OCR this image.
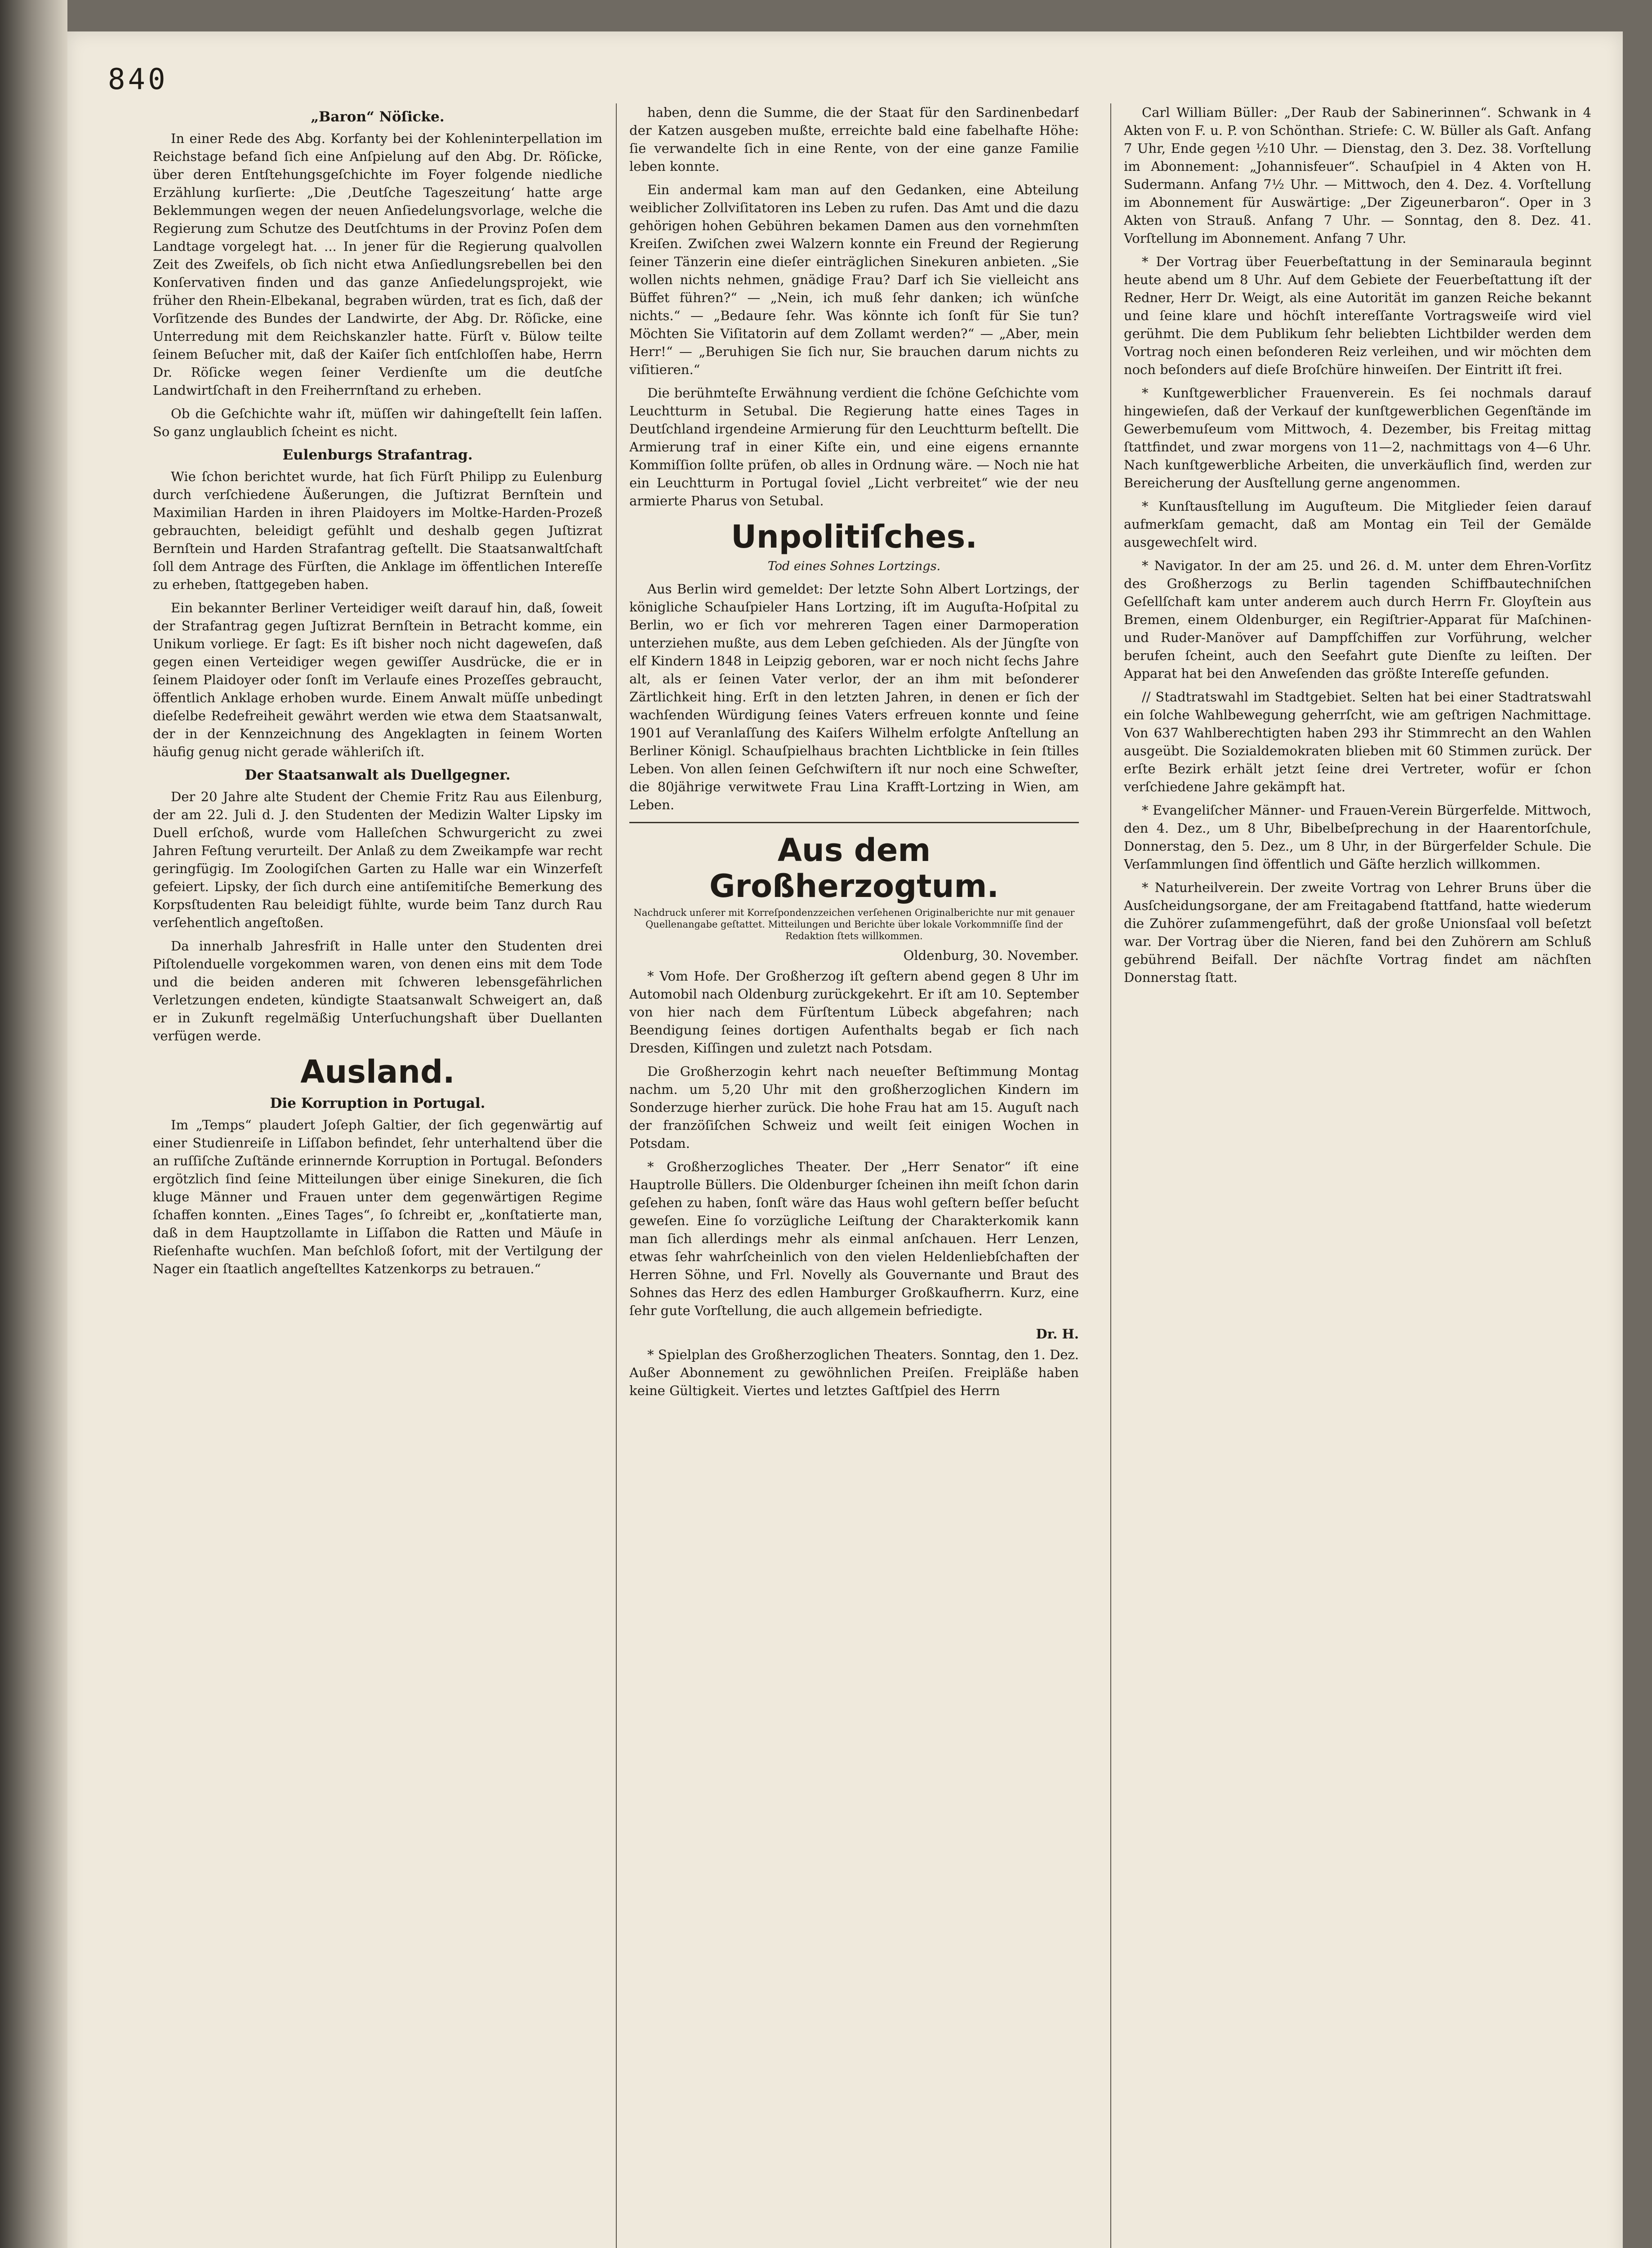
840
„Baron“ Nöſicke.

In einer Rede des Abg. Korfanty bei der Kohleninterpellation im Reichstage befand ſich eine Anſpielung auf den Abg. Dr. Röſicke, über deren Entſtehungsgeſchichte im Foyer folgende niedliche Erzählung kurſierte: „Die ‚Deutſche Tageszeitung‘ hatte arge Beklemmungen wegen der neuen Anſiedelungsvorlage, welche die Regierung zum Schutze des Deutſchtums in der Provinz Poſen dem Landtage vorgelegt hat. ... In jener für die Regierung qualvollen Zeit des Zweifels, ob ſich nicht etwa Anſiedlungsrebellen bei den Konſervativen finden und das ganze Anſiedelungsprojekt, wie früher den Rhein-Elbekanal, begraben würden, trat es ſich, daß der Vorſitzende des Bundes der Landwirte, der Abg. Dr. Röſicke, eine Unterredung mit dem Reichskanzler hatte. Fürſt v. Bülow teilte ſeinem Beſucher mit, daß der Kaiſer ſich entſchloſſen habe, Herrn Dr. Röſicke wegen ſeiner Verdienſte um die deutſche Landwirtſchaft in den Freiherrnſtand zu erheben.

Ob die Geſchichte wahr iſt, müſſen wir dahingeſtellt ſein laſſen. So ganz unglaublich ſcheint es nicht.

Eulenburgs Strafantrag.

Wie ſchon berichtet wurde, hat ſich Fürſt Philipp zu Eulenburg durch verſchiedene Äußerungen, die Juſtizrat Bernſtein und Maximilian Harden in ihren Plaidoyers im Moltke-Harden-Prozeß gebrauchten, beleidigt gefühlt und deshalb gegen Juſtizrat Bernſtein und Harden Strafantrag geſtellt. Die Staatsanwaltſchaft ſoll dem Antrage des Fürſten, die Anklage im öffentlichen Intereſſe zu erheben, ſtattgegeben haben.

Ein bekannter Berliner Verteidiger weiſt darauf hin, daß, ſoweit der Strafantrag gegen Juſtizrat Bernſtein in Betracht komme, ein Unikum vorliege. Er ſagt: Es iſt bisher noch nicht dageweſen, daß gegen einen Verteidiger wegen gewiſſer Ausdrücke, die er in ſeinem Plaidoyer oder ſonſt im Verlaufe eines Prozeſſes gebraucht, öffentlich Anklage erhoben wurde. Einem Anwalt müſſe unbedingt dieſelbe Redefreiheit gewährt werden wie etwa dem Staatsanwalt, der in der Kennzeichnung des Angeklagten in ſeinem Worten häufig genug nicht gerade wähleriſch iſt.

Der Staatsanwalt als Duellgegner.

Der 20 Jahre alte Student der Chemie Fritz Rau aus Eilenburg, der am 22. Juli d. J. den Studenten der Medizin Walter Lipsky im Duell erſchoß, wurde vom Halleſchen Schwurgericht zu zwei Jahren Feſtung verurteilt. Der Anlaß zu dem Zweikampfe war recht geringfügig. Im Zoologiſchen Garten zu Halle war ein Winzerfeſt gefeiert. Lipsky, der ſich durch eine antiſemitiſche Bemerkung des Korpsſtudenten Rau beleidigt fühlte, wurde beim Tanz durch Rau verſehentlich angeſtoßen.

Da innerhalb Jahresfriſt in Halle unter den Studenten drei Piſtolenduelle vorgekommen waren, von denen eins mit dem Tode und die beiden anderen mit ſchweren lebensgefährlichen Verletzungen endeten, kündigte Staatsanwalt Schweigert an, daß er in Zukunft regelmäßig Unterſuchungshaft über Duellanten verfügen werde.

Ausland.
Die Korruption in Portugal.

Im „Temps“ plaudert Joſeph Galtier, der ſich gegenwärtig auf einer Studienreiſe in Liſſabon befindet, ſehr unterhaltend über die an ruſſiſche Zuſtände erinnernde Korruption in Portugal. Beſonders ergötzlich ſind ſeine Mitteilungen über einige Sinekuren, die ſich kluge Männer und Frauen unter dem gegenwärtigen Regime ſchaffen konnten. „Eines Tages“, ſo ſchreibt er, „konſtatierte man, daß in dem Hauptzollamte in Liſſabon die Ratten und Mäuſe in Rieſenhafte wuchſen. Man beſchloß ſofort, mit der Vertilgung der Nager ein ſtaatlich angeſtelltes Katzenkorps zu betrauen.“

haben, denn die Summe, die der Staat für den Sardinenbedarf der Katzen ausgeben mußte, erreichte bald eine fabelhafte Höhe: ſie verwandelte ſich in eine Rente, von der eine ganze Familie leben konnte.

Ein andermal kam man auf den Gedanken, eine Abteilung weiblicher Zollviſitatoren ins Leben zu rufen. Das Amt und die dazu gehörigen hohen Gebühren bekamen Damen aus den vornehmſten Kreiſen. Zwiſchen zwei Walzern konnte ein Freund der Regierung ſeiner Tänzerin eine dieſer einträglichen Sinekuren anbieten. „Sie wollen nichts nehmen, gnädige Frau? Darf ich Sie vielleicht ans Büffet führen?“ — „Nein, ich muß ſehr danken; ich wünſche nichts.“ — „Bedaure ſehr. Was könnte ich ſonſt für Sie tun? Möchten Sie Viſitatorin auf dem Zollamt werden?“ — „Aber, mein Herr!“ — „Beruhigen Sie ſich nur, Sie brauchen darum nichts zu viſitieren.“

Die berühmteſte Erwähnung verdient die ſchöne Geſchichte vom Leuchtturm in Setubal. Die Regierung hatte eines Tages in Deutſchland irgendeine Armierung für den Leuchtturm beſtellt. Die Armierung traf in einer Kiſte ein, und eine eigens ernannte Kommiſſion ſollte prüfen, ob alles in Ordnung wäre. — Noch nie hat ein Leuchtturm in Portugal ſoviel „Licht verbreitet“ wie der neu armierte Pharus von Setubal.

Unpolitiſches.
Tod eines Sohnes Lortzings.

Aus Berlin wird gemeldet: Der letzte Sohn Albert Lortzings, der königliche Schauſpieler Hans Lortzing, iſt im Auguſta-Hoſpital zu Berlin, wo er ſich vor mehreren Tagen einer Darmoperation unterziehen mußte, aus dem Leben geſchieden. Als der Jüngſte von elf Kindern 1848 in Leipzig geboren, war er noch nicht ſechs Jahre alt, als er ſeinen Vater verlor, der an ihm mit beſonderer Zärtlichkeit hing. Erſt in den letzten Jahren, in denen er ſich der wachſenden Würdigung ſeines Vaters erfreuen konnte und ſeine 1901 auf Veranlaſſung des Kaiſers Wilhelm erfolgte Anſtellung an Berliner Königl. Schauſpielhaus brachten Lichtblicke in ſein ſtilles Leben. Von allen ſeinen Geſchwiſtern iſt nur noch eine Schweſter, die 80jährige verwitwete Frau Lina Krafft-Lortzing in Wien, am Leben.

Aus dem Großherzogtum.
Nachdruck unſerer mit Korreſpondenzzeichen verſehenen Originalberichte nur mit genauer Quellenangabe geſtattet. Mitteilungen und Berichte über lokale Vorkommniſſe ſind der Redaktion ſtets willkommen.
Oldenburg, 30. November.

* Vom Hofe. Der Großherzog iſt geſtern abend gegen 8 Uhr im Automobil nach Oldenburg zurückgekehrt. Er iſt am 10. September von hier nach dem Fürſtentum Lübeck abgefahren; nach Beendigung ſeines dortigen Aufenthalts begab er ſich nach Dresden, Kiſſingen und zuletzt nach Potsdam.

Die Großherzogin kehrt nach neueſter Beſtimmung Montag nachm. um 5,20 Uhr mit den großherzoglichen Kindern im Sonderzuge hierher zurück. Die hohe Frau hat am 15. Auguſt nach der franzöſiſchen Schweiz und weilt ſeit einigen Wochen in Potsdam.

* Großherzogliches Theater. Der „Herr Senator“ iſt eine Hauptrolle Büllers. Die Oldenburger ſcheinen ihn meiſt ſchon darin geſehen zu haben, ſonſt wäre das Haus wohl geſtern beſſer beſucht geweſen. Eine ſo vorzügliche Leiſtung der Charakterkomik kann man ſich allerdings mehr als einmal anſchauen. Herr Lenzen, etwas ſehr wahrſcheinlich von den vielen Heldenliebſchaften der Herren Söhne, und Frl. Novelly als Gouvernante und Braut des Sohnes das Herz des edlen Hamburger Großkaufherrn. Kurz, eine ſehr gute Vorſtellung, die auch allgemein befriedigte.

Dr. H.

* Spielplan des Großherzoglichen Theaters. Sonntag, den 1. Dez. Außer Abonnement zu gewöhnlichen Preiſen. Freipläße haben keine Gültigkeit. Viertes und letztes Gaſtſpiel des Herrn

Carl William Büller: „Der Raub der Sabinerinnen“. Schwank in 4 Akten von F. u. P. von Schönthan. Striefe: C. W. Büller als Gaſt. Anfang 7 Uhr, Ende gegen ½10 Uhr. — Dienstag, den 3. Dez. 38. Vorſtellung im Abonnement: „Johannisfeuer“. Schauſpiel in 4 Akten von H. Sudermann. Anfang 7½ Uhr. — Mittwoch, den 4. Dez. 4. Vorſtellung im Abonnement für Auswärtige: „Der Zigeunerbaron“. Oper in 3 Akten von Strauß. Anfang 7 Uhr. — Sonntag, den 8. Dez. 41. Vorſtellung im Abonnement. Anfang 7 Uhr.

* Der Vortrag über Feuerbeſtattung in der Seminaraula beginnt heute abend um 8 Uhr. Auf dem Gebiete der Feuerbeſtattung iſt der Redner, Herr Dr. Weigt, als eine Autorität im ganzen Reiche bekannt und ſeine klare und höchſt intereſſante Vortragsweiſe wird viel gerühmt. Die dem Publikum ſehr beliebten Lichtbilder werden dem Vortrag noch einen beſonderen Reiz verleihen, und wir möchten dem noch beſonders auf dieſe Broſchüre hinweiſen. Der Eintritt iſt frei.

* Kunſtgewerblicher Frauenverein. Es ſei nochmals darauf hingewieſen, daß der Verkauf der kunſtgewerblichen Gegenſtände im Gewerbemuſeum vom Mittwoch, 4. Dezember, bis Freitag mittag ſtattfindet, und zwar morgens von 11—2, nachmittags von 4—6 Uhr. Nach kunſtgewerbliche Arbeiten, die unverkäuflich ſind, werden zur Bereicherung der Ausſtellung gerne angenommen.

* Kunſtausſtellung im Auguſteum. Die Mitglieder ſeien darauf aufmerkſam gemacht, daß am Montag ein Teil der Gemälde ausgewechſelt wird.

* Navigator. In der am 25. und 26. d. M. unter dem Ehren-Vorſitz des Großherzogs zu Berlin tagenden Schiffbautechniſchen Geſellſchaft kam unter anderem auch durch Herrn Fr. Gloyſtein aus Bremen, einem Oldenburger, ein Regiſtrier-Apparat für Maſchinen- und Ruder-Manöver auf Dampfſchiffen zur Vorführung, welcher berufen ſcheint, auch den Seefahrt gute Dienſte zu leiſten. Der Apparat hat bei den Anweſenden das größte Intereſſe gefunden.

// Stadtratswahl im Stadtgebiet. Selten hat bei einer Stadtratswahl ein ſolche Wahlbewegung geherrſcht, wie am geſtrigen Nachmittage. Von 637 Wahlberechtigten haben 293 ihr Stimmrecht an den Wahlen ausgeübt. Die Sozialdemokraten blieben mit 60 Stimmen zurück. Der erſte Bezirk erhält jetzt ſeine drei Vertreter, wofür er ſchon verſchiedene Jahre gekämpft hat.

* Evangeliſcher Männer- und Frauen-Verein Bürgerfelde. Mittwoch, den 4. Dez., um 8 Uhr, Bibelbeſprechung in der Haarentorſchule, Donnerstag, den 5. Dez., um 8 Uhr, in der Bürgerfelder Schule. Die Verſammlungen ſind öffentlich und Gäſte herzlich willkommen.

* Naturheilverein. Der zweite Vortrag von Lehrer Bruns über die Ausſcheidungsorgane, der am Freitagabend ſtattfand, hatte wiederum die Zuhörer zuſammengeführt, daß der große Unionsſaal voll beſetzt war. Der Vortrag über die Nieren, fand bei den Zuhörern am Schluß gebührend Beifall. Der nächſte Vortrag findet am nächſten Donnerstag ſtatt.
